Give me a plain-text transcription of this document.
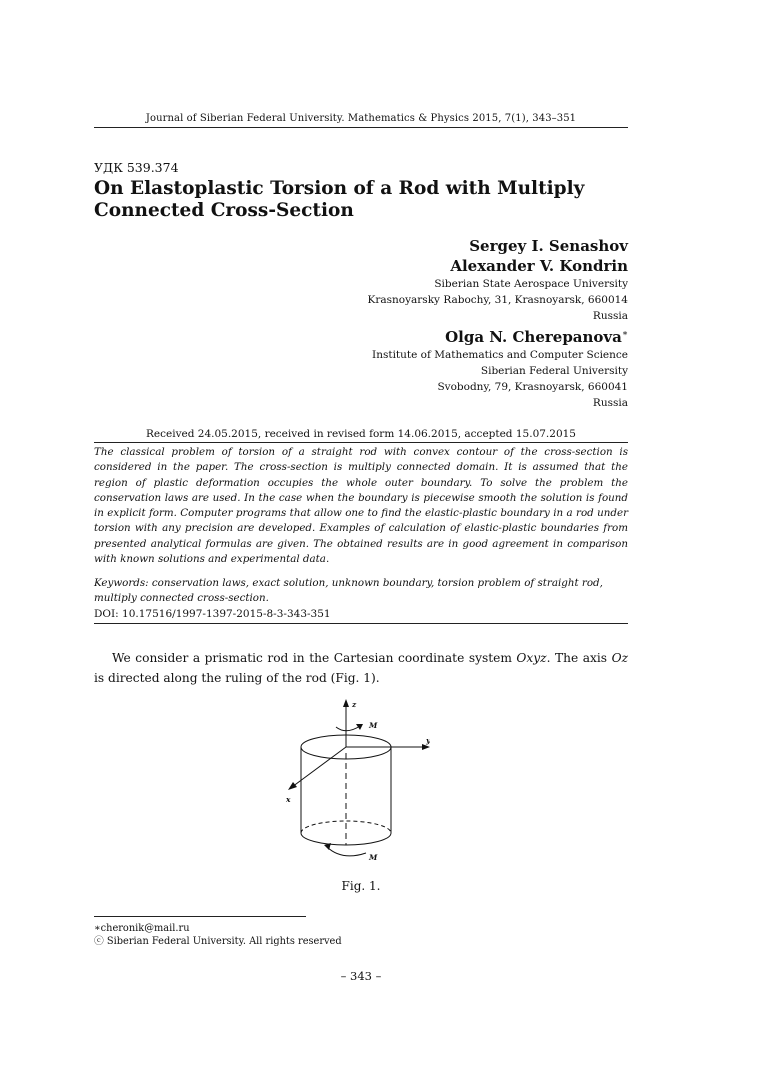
Journal of Siberian Federal University. Mathematics & Physics 2015, 7(1), 343–351
УДК 539.374
On Elastoplastic Torsion of a Rod with Multiply Connected Cross-Section
Sergey I. Senashov
Alexander V. Kondrin
Siberian State Aerospace University
Krasnoyarsky Rabochy, 31, Krasnoyarsk, 660014
Russia
Olga N. Cherepanova∗
Institute of Mathematics and Computer Science
Siberian Federal University
Svobodny, 79, Krasnoyarsk, 660041
Russia
Received 24.05.2015, received in revised form 14.06.2015, accepted 15.07.2015

The classical problem of torsion of a straight rod with convex contour of the cross-section is considered in the paper. The cross-section is multiply connected domain. It is assumed that the region of plastic deformation occupies the whole outer boundary. To solve the problem the conservation laws are used. In the case when the boundary is piecewise smooth the solution is found in explicit form. Computer programs that allow one to find the elastic-plastic boundary in a rod under torsion with any precision are developed. Examples of calculation of elastic-plastic boundaries from presented analytical formulas are given. The obtained results are in good agreement in comparison with known solutions and experimental data.

Keywords: conservation laws, exact solution, unknown boundary, torsion problem of straight rod, multiply connected cross-section.

DOI: 10.17516/1997-1397-2015-8-3-343-351

We consider a prismatic rod in the Cartesian coordinate system Oxyz. The axis Oz is directed along the ruling of the rod (Fig. 1).

z
y
x
M
M
Fig. 1.
∗cheronik@mail.ru
ⓒ Siberian Federal University. All rights reserved
– 343 –
